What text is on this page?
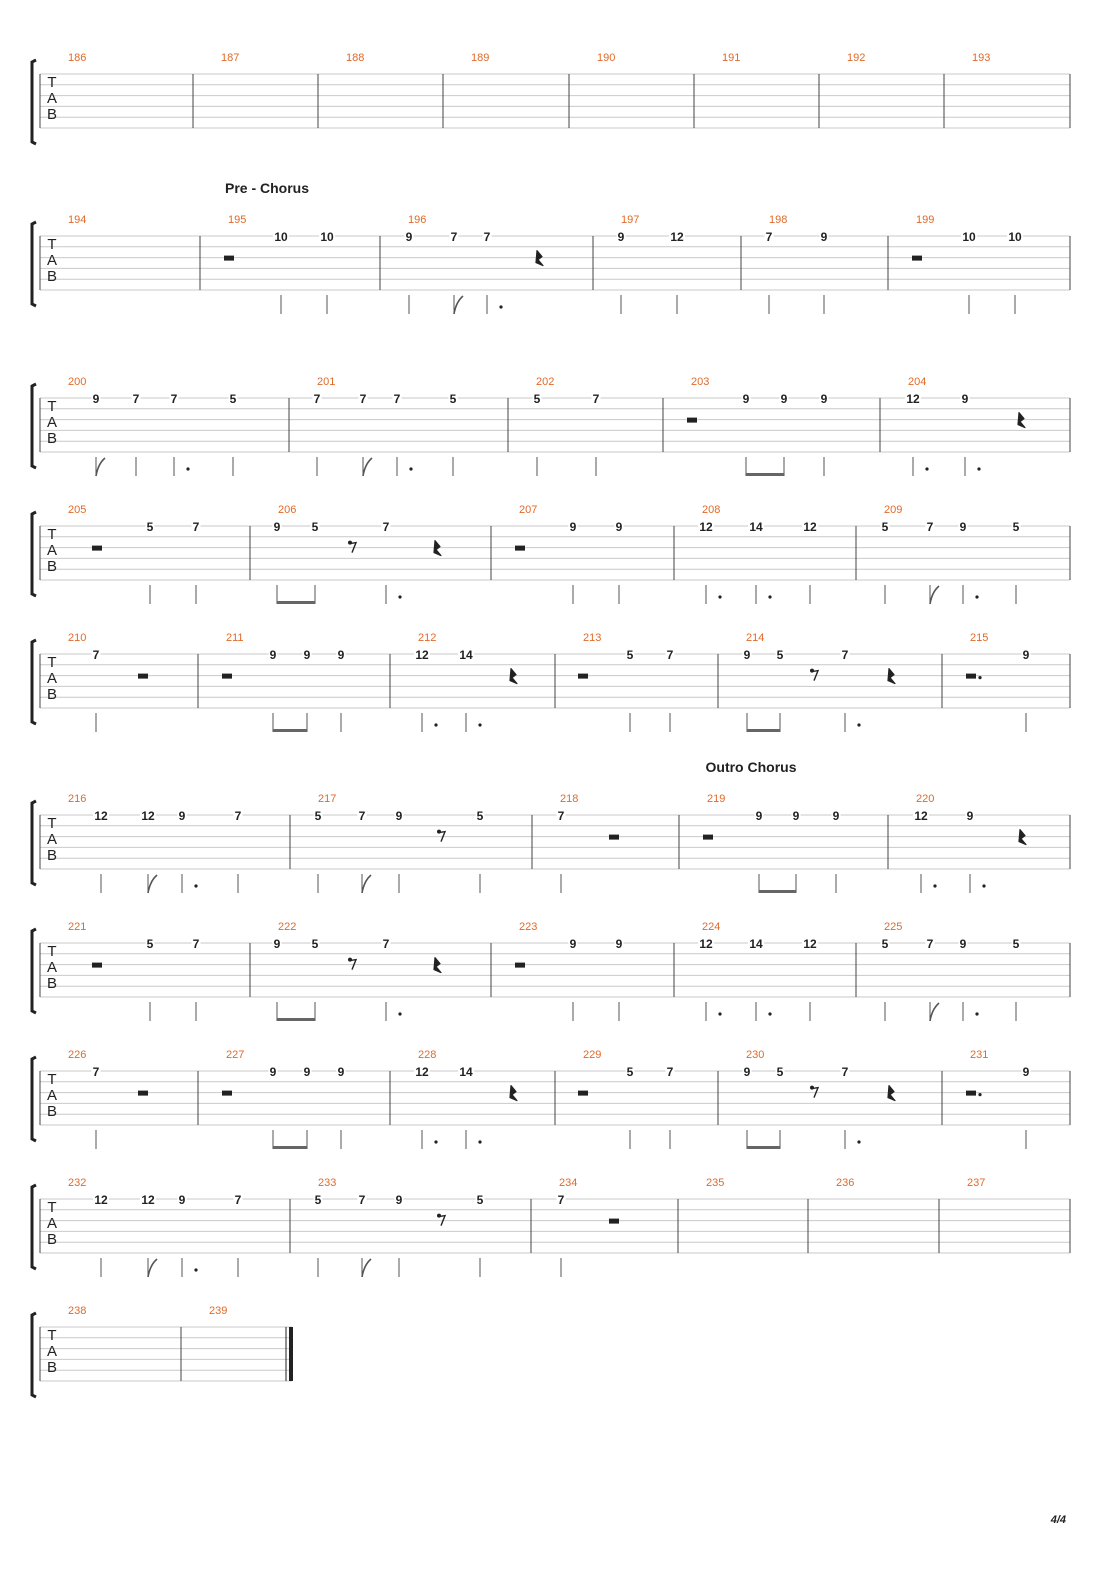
T
A
B
186	187	188	189	190	191	192	193
T
A
B
Pre - Chorus
194	195
10	10
196
9	7 7
197
9	12
198
7	9
199
10	10
T
A
B
200
9	7	7	5
201
7	7 7	5
202
5	7
203
9	9	9
204
12	9
T
A
B
205
5	7
206
9	5	7
207
9	9
208
12	14	12
209
5	7 9	5
T
A
B
210
7
211
9 9 9
212
12	14
213
5	7
214
9 5	7
215
9
T
A
B
Outro Chorus
216
12	12 9	7
217
5	7	9	5
218
7
219
9	9	9
220
12	9
T
A
B
221
5	7
222
9	5	7
223
9	9
224
12	14	12
225
5	7 9	5
T
A
B
226
7
227
9 9 9
228
12	14
229
5	7
230
9 5	7
231
9
T
A
B
232
12	12 9	7
233
5	7	9	5
234
7
235	236	237
T
A
B
238	239
4/4
